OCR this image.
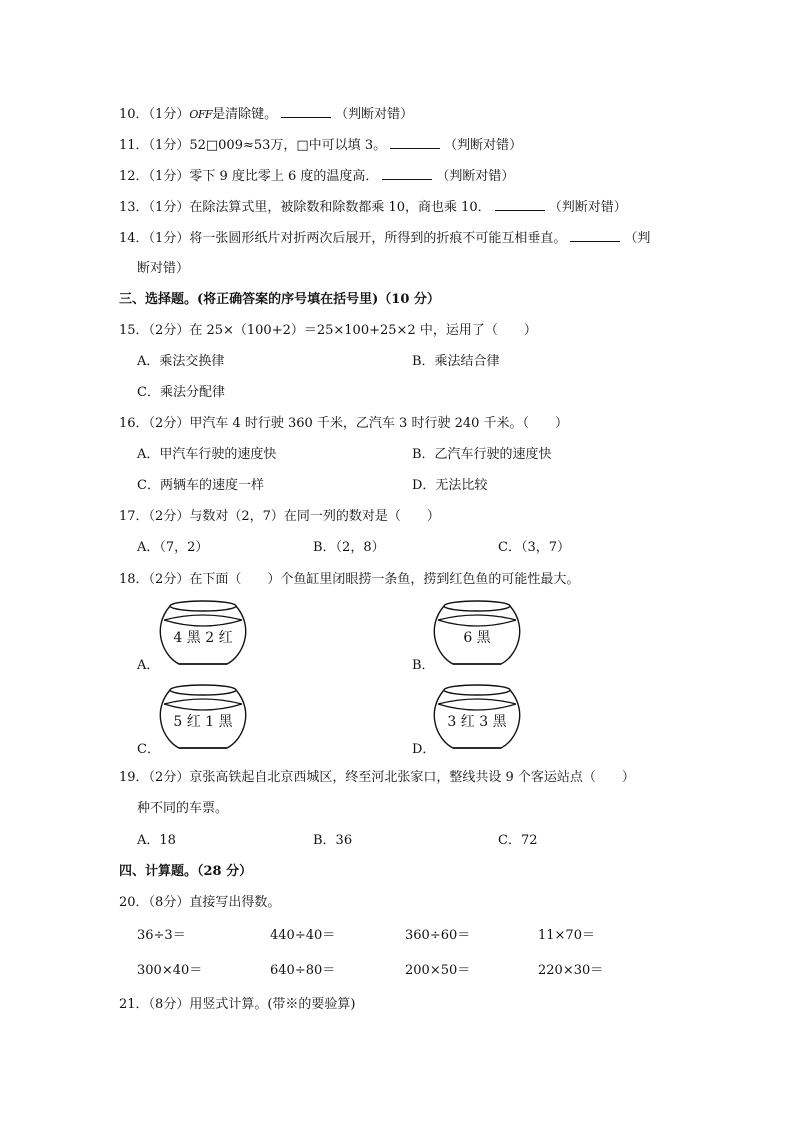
10．（1分）OFF是清除键。	（判断对错）
11．（1分）52□009≈53万，□中可以填 3。	（判断对错）
12．（1分）零下 9 度比零上 6 度的温度高．	（判断对错）
13．（1分）在除法算式里，被除数和除数都乘 10，商也乘 10．	（判断对错）
14．（1分）将一张圆形纸片对折两次后展开，所得到的折痕不可能互相垂直。	（判
断对错）
三、选择题。(将正确答案的序号填在括号里)（10 分）
15．（2分）在 25×（100+2）＝25×100+25×2 中，运用了（　　）
A．乘法交换律	B．乘法结合律
C．乘法分配律
16．（2分）甲汽车 4 时行驶 360 千米，乙汽车 3 时行驶 240 千米。（　　）
A．甲汽车行驶的速度快	B．乙汽车行驶的速度快
C．两辆车的速度一样	D．无法比较
17．（2分）与数对（2，7）在同一列的数对是（　　）
A．（7，2）	B．（2，8）	C．（3，7）
18．（2分）在下面（　　）个鱼缸里闭眼捞一条鱼，捞到红色鱼的可能性最大。
A．
4 黑 2 红
B．
6 黑
C．
5 红 1 黑
D．
3 红 3 黑
19．（2分）京张高铁起自北京西城区，终至河北张家口，整线共设 9 个客运站点（　　）
种不同的车票。
A．18	B．36	C．72
四、计算题。（28 分）
20．（8分）直接写出得数。
36÷3＝	440÷40＝	360÷60＝	11×70＝
300×40＝	640÷80＝	200×50＝	220×30＝
21．（8分）用竖式计算。(带※的要验算)
